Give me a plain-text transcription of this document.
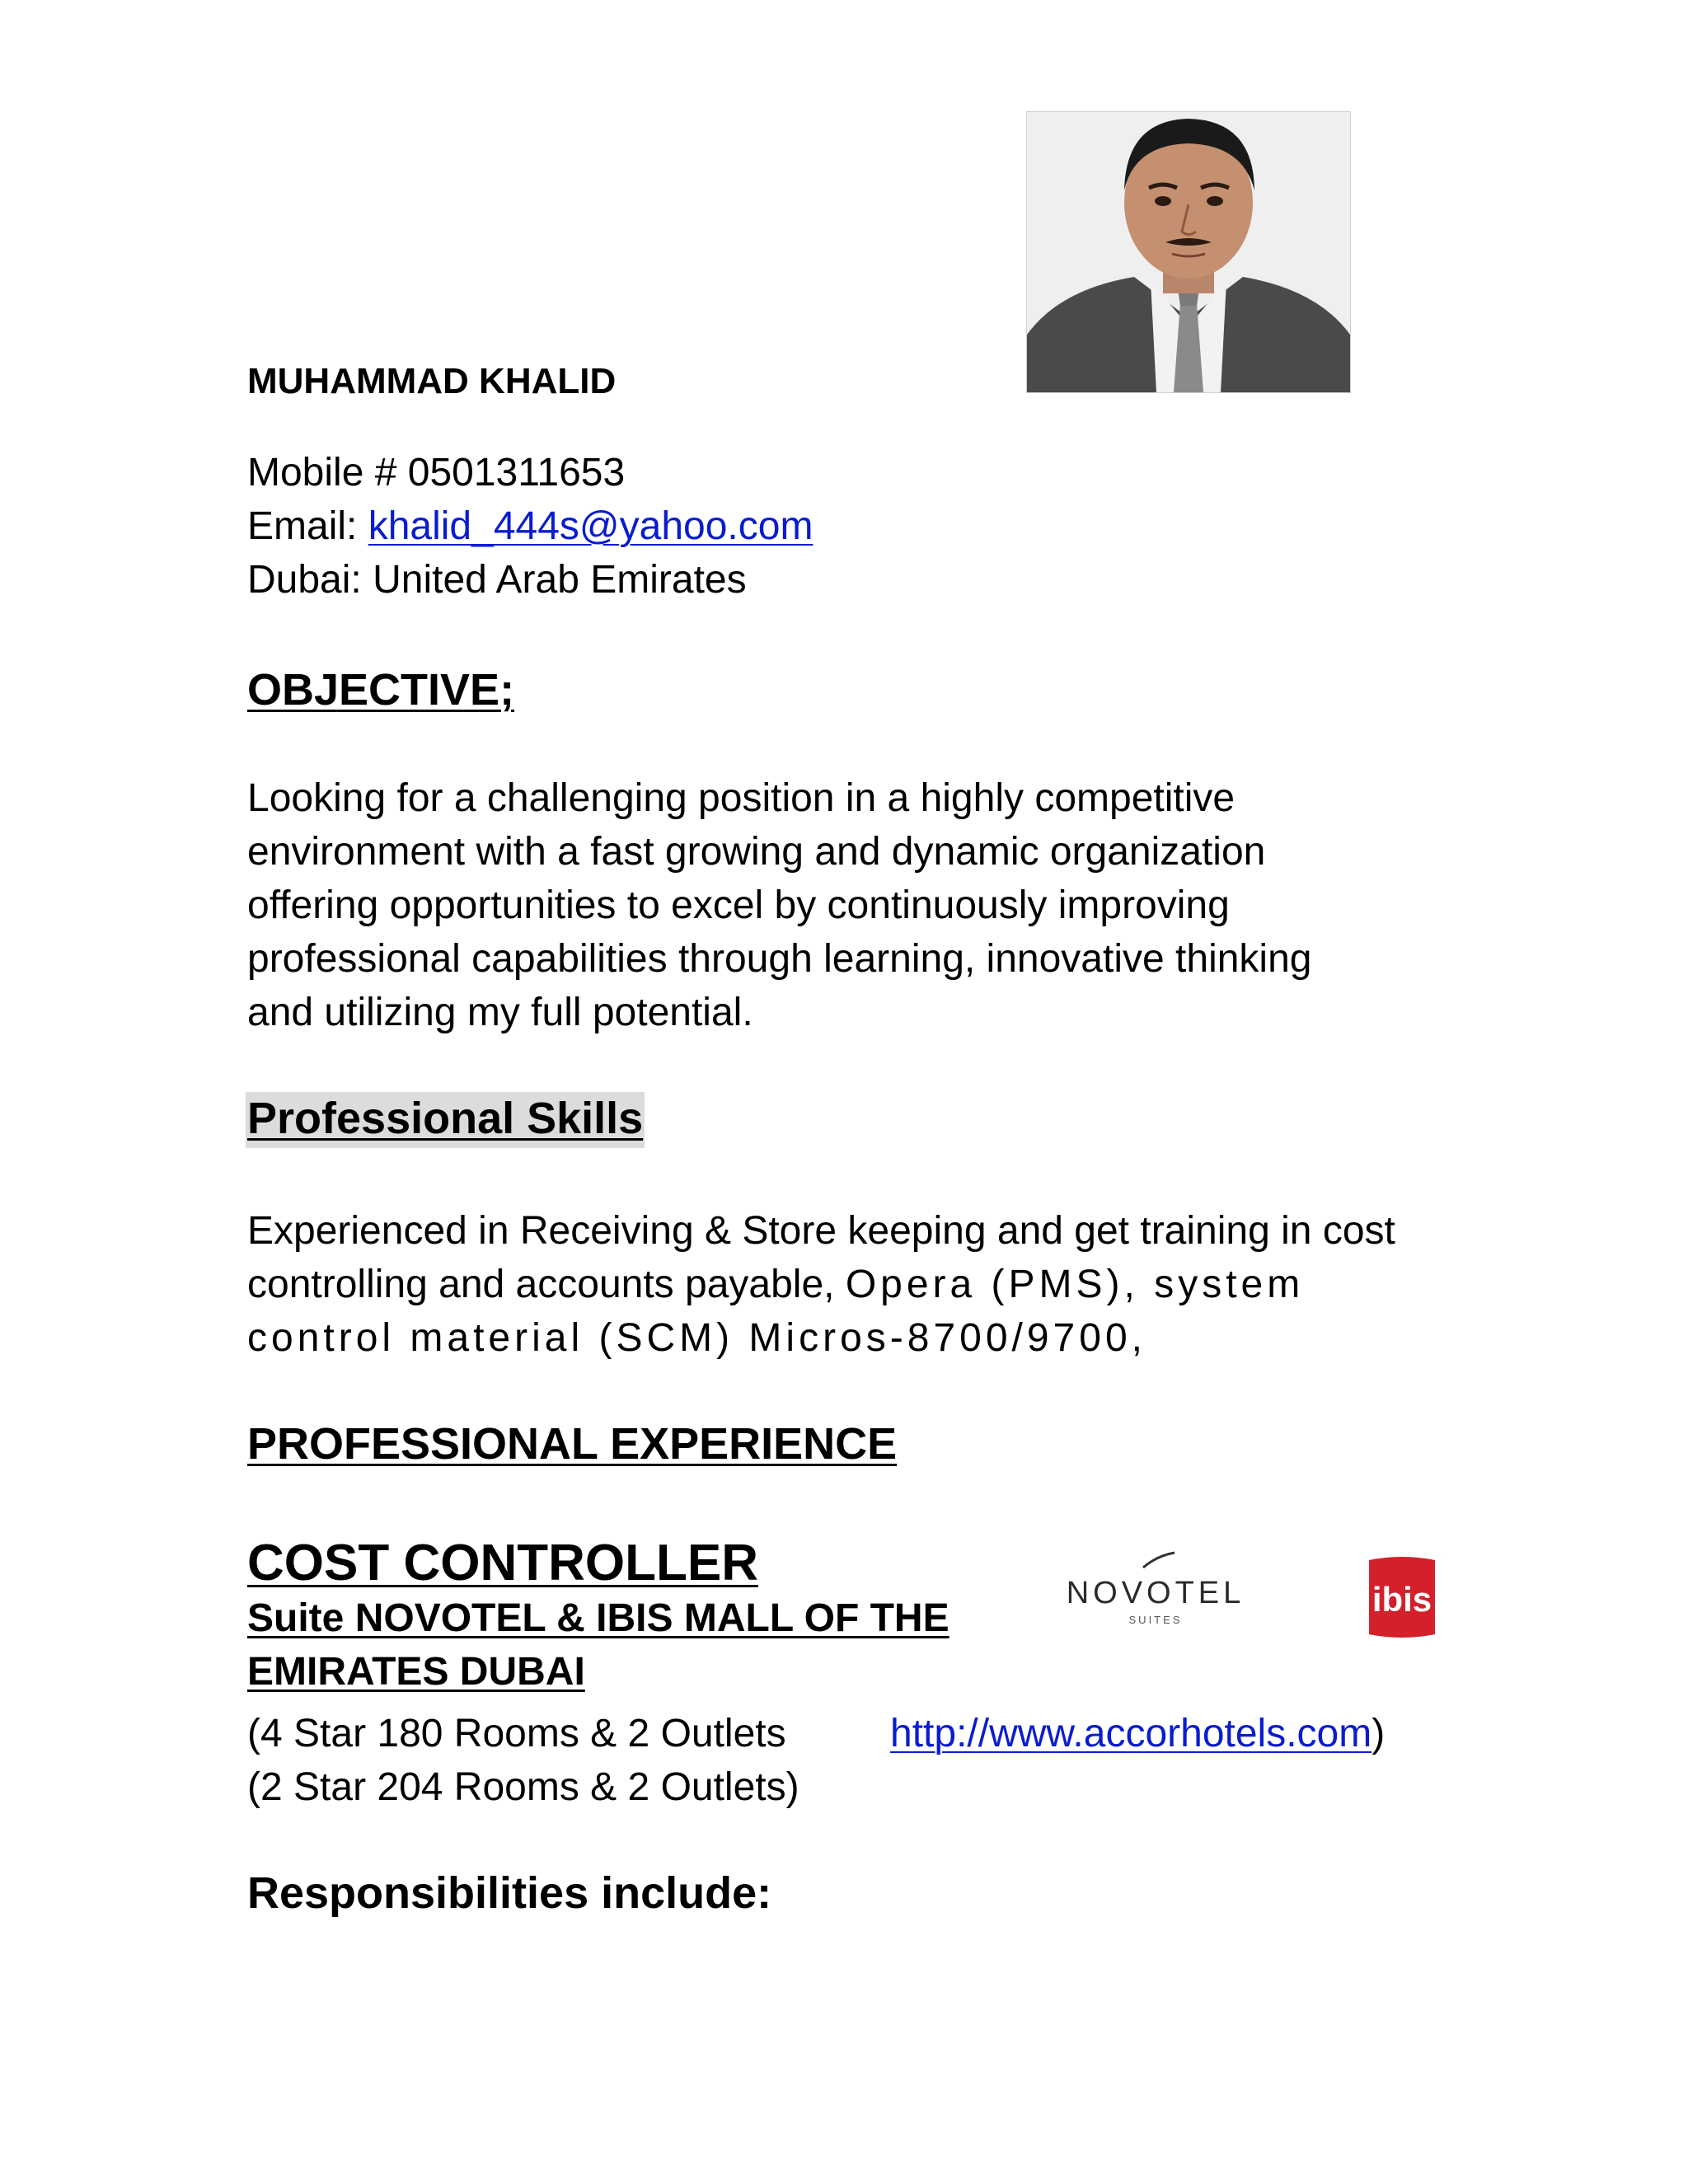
MUHAMMAD KHALID
Mobile # 0501311653
Email: khalid_444s@yahoo.com
Dubai: United Arab Emirates
OBJECTIVE;
Looking for a challenging position in a highly competitive
environment with a fast growing and dynamic organization
offering opportunities to excel by continuously improving
professional capabilities through learning, innovative thinking
and utilizing my full potential.
Professional Skills
Experienced in Receiving & Store keeping and get training in cost
controlling and accounts payable, Opera (PMS), system
control material (SCM) Micros-8700/9700,
PROFESSIONAL EXPERIENCE
COST CONTROLLER
Suite NOVOTEL & IBIS MALL OF THE
EMIRATES DUBAI
(4 Star 180 Rooms & 2 Outlets	http://www.accorhotels.com)
(2 Star 204 Rooms & 2 Outlets)
Responsibilities include:
NOVOTEL
SUITES
ibis
